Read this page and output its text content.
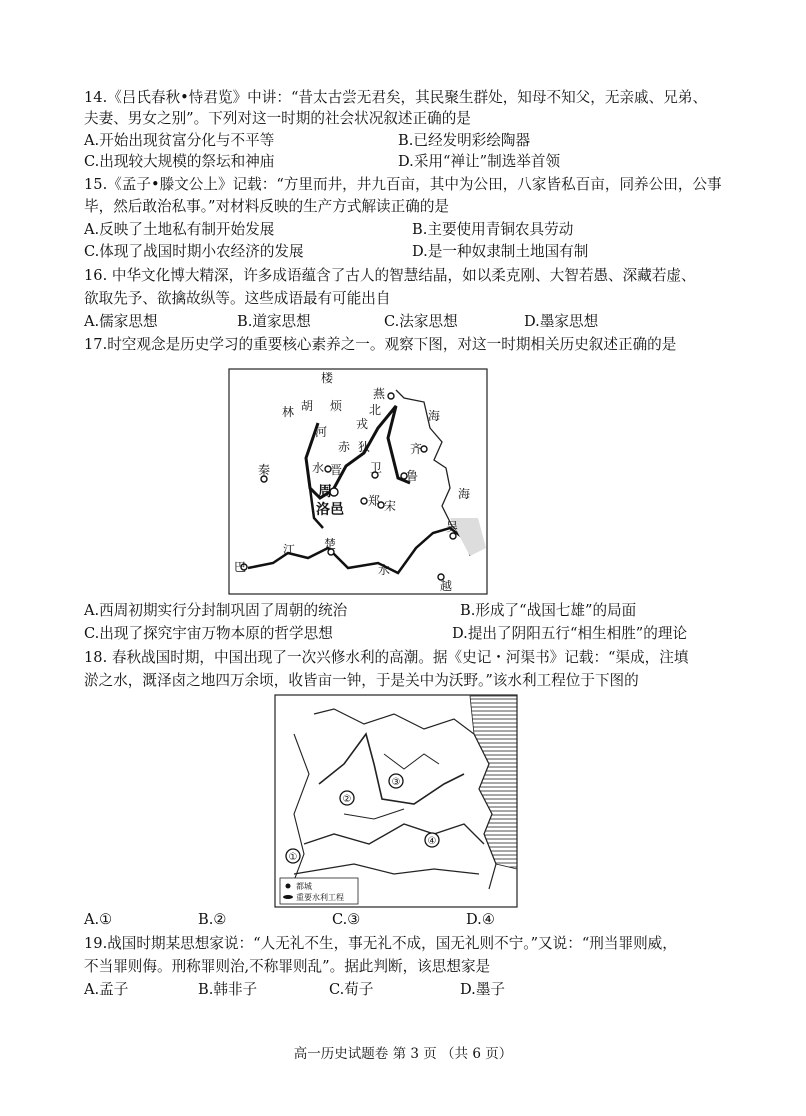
14.《吕氏春秋•恃君览》中讲：“昔太古尝无君矣，其民聚生群处，知母不知父，无亲戚、兄弟、
夫妻、男女之别”。下列对这一时期的社会状况叙述正确的是
A.开始出现贫富分化与不平等	B.已经发明彩绘陶器
C.出现较大规模的祭坛和神庙	D.采用“禅让”制选举首领
15.《孟子•滕文公上》记载：“方里而井，井九百亩，其中为公田，八家皆私百亩，同养公田，公事
毕，然后敢治私事。”对材料反映的生产方式解读正确的是
A.反映了土地私有制开始发展	B.主要使用青铜农具劳动
C.体现了战国时期小农经济的发展	D.是一种奴隶制土地国有制
16. 中华文化博大精深，许多成语蕴含了古人的智慧结晶，如以柔克刚、大智若愚、深藏若虚、
欲取先予、欲擒故纵等。这些成语最有可能出自
A.儒家思想	B.道家思想	C.法家思想	D.墨家思想
17.时空观念是历史学习的重要核心素养之一。观察下图，对这一时期相关历史叙述正确的是
楼
燕
北
林 胡 烦
戎
河
赤 狄
海
齐
卫
水 晋
秦
周
鲁
郑
洛邑	宋
吴
海
江 楚
巴	水
越
A.西周初期实行分封制巩固了周朝的统治	B.形成了“战国七雄”的局面
C.出现了探究宇宙万物本原的哲学思想	D.提出了阴阳五行“相生相胜”的理论
18. 春秋战国时期，中国出现了一次兴修水利的高潮。据《史记・河渠书》记载：“渠成，注填
淤之水，溉泽卤之地四万余顷，收皆亩一钟，于是关中为沃野。”该水利工程位于下图的
①
②
③
④
都城
重要水利工程
A.①	B.②	C.③	D.④
19.战国时期某思想家说：“人无礼不生，事无礼不成，国无礼则不宁。”又说：“刑当罪则威，
不当罪则侮。刑称罪则治,不称罪则乱”。据此判断，该思想家是
A.孟子	B.韩非子	C.荀子	D.墨子
高一历史试题卷 第 3 页 （共 6 页）
